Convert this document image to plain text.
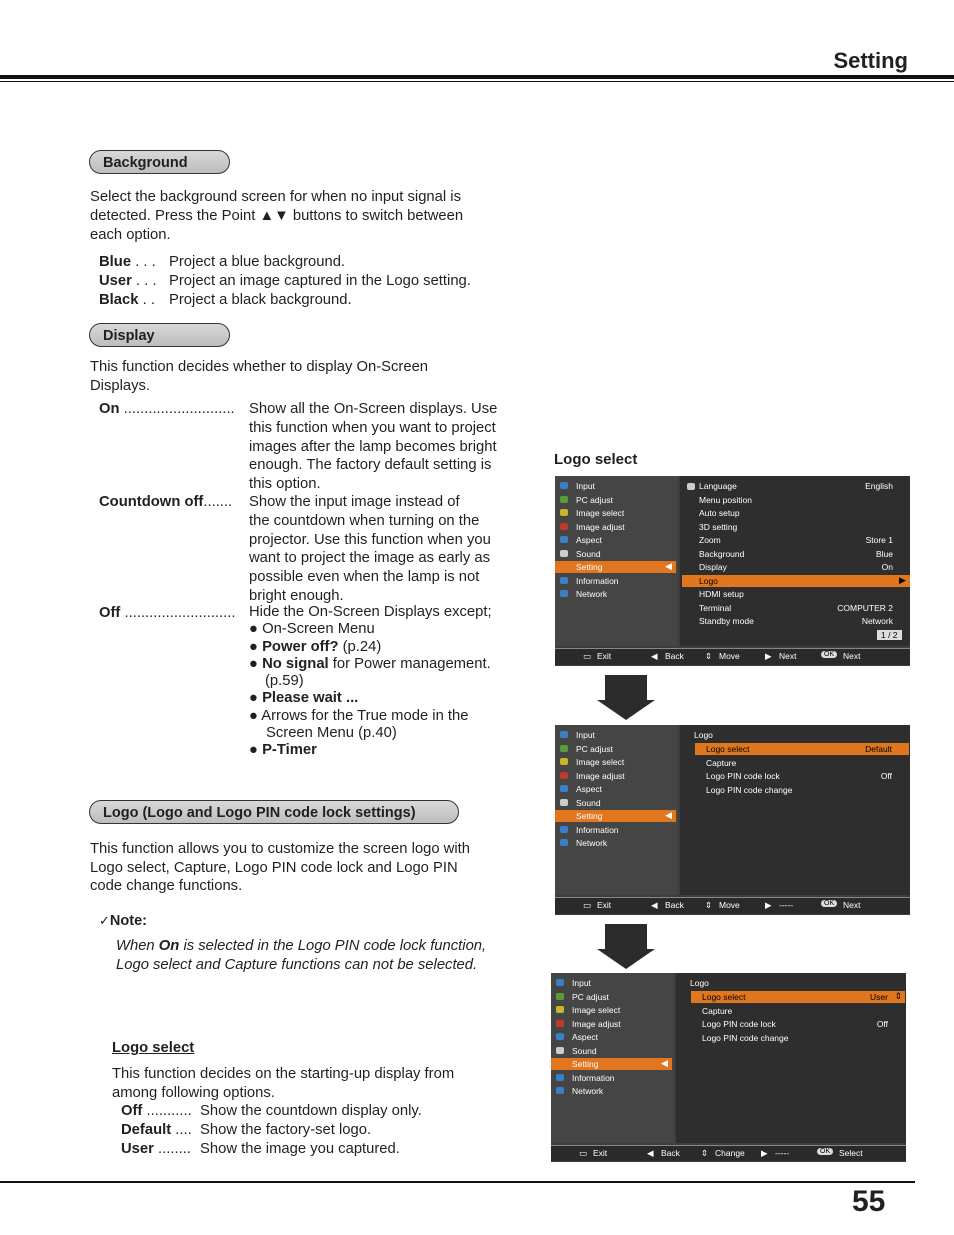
Setting
Background
Select the background screen for when no input signal is
detected. Press the Point ▲▼ buttons to switch between
each option.
Blue . . . Project a blue background.
User . . . Project an image captured in the Logo setting.
Black . . Project a black background.
Display
This function decides whether to display On-Screen
Displays.
On ........................... Show all the On-Screen displays. Use
this function when you want to project
images after the lamp becomes bright
enough. The factory default setting is
this option.
Countdown off....... Show the input image instead of
the countdown when turning on the
projector. Use this function when you
want to project the image as early as
possible even when the lamp is not
bright enough.
Off ........................... Hide the On-Screen Displays except;
● On-Screen Menu
● Power off? (p.24)
● No signal for Power management.
(p.59)
● Please wait ...
● Arrows for the True mode in the
Screen Menu (p.40)
● P-Timer
Logo (Logo and Logo PIN code lock settings)
This function allows you to customize the screen logo with
Logo select, Capture, Logo PIN code lock and Logo PIN
code change functions.
✓Note:
When On is selected in the Logo PIN code lock function,
Logo select and Capture functions can not be selected.
Logo select
This function decides on the starting-up display from
among following options.
Off ........... Show the countdown display only.
Default .... Show the factory-set logo.
User ........ Show the image you captured.
Logo select
Input
PC adjust
Image select
Image adjust
Aspect
Sound
◀
Setting
Information
Network
Language	English
Menu position
Auto setup
3D setting
Zoom	Store 1
Background	Blue
Display	On
▶
Logo
HDMI setup
Terminal	COMPUTER 2
Standby mode	Network
1 / 2
▭ Exit	◀ Back ⇕ Move	▶ Next	OK	Next
Input
PC adjust
Image select
Image adjust
Aspect
Sound
◀
Setting
Information
Network
Logo
Logo select	Default
Capture
Logo PIN code lock	Off
Logo PIN code change
▭ Exit	◀ Back ⇕ Move	▶ -----	OK	Next
Input
PC adjust
Image select
Image adjust
Aspect
Sound
◀
Setting
Information
Network
Logo
Logo select	User
Capture
Logo PIN code lock	Off
Logo PIN code change
⇕
▭ Exit	◀ Back ⇕ Change ▶ -----	OK	Select
55
